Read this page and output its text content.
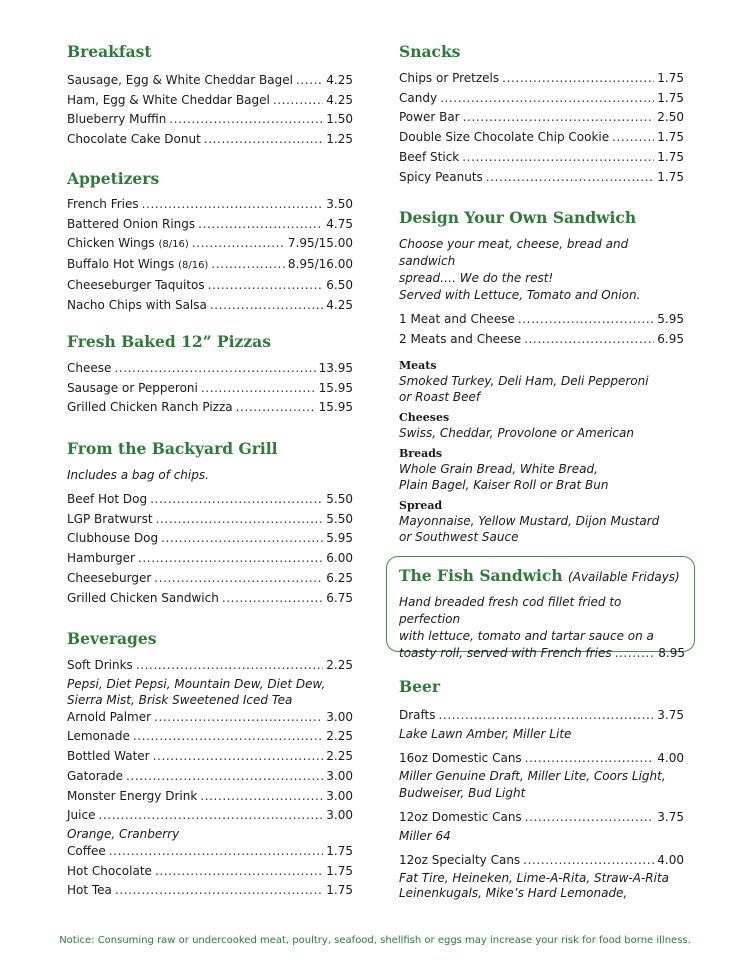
Breakfast
Sausage, Egg & White Cheddar Bagel .....	4.25
Ham, Egg & White Cheddar Bagel .....	4.25
Blueberry Muffin .....	1.50
Chocolate Cake Donut .....	1.25
Appetizers
French Fries .....	3.50
Battered Onion Rings .....	4.75
Chicken Wings (8/16) .....	7.95/15.00
Buffalo Hot Wings (8/16) .....	8.95/16.00
Cheeseburger Taquitos .....	6.50
Nacho Chips with Salsa .....	4.25
Fresh Baked 12” Pizzas
Cheese .....	13.95
Sausage or Pepperoni .....	15.95
Grilled Chicken Ranch Pizza .....	15.95
From the Backyard Grill
Includes a bag of chips.
Beef Hot Dog .....	5.50
LGP Bratwurst .....	5.50
Clubhouse Dog .....	5.95
Hamburger .....	6.00
Cheeseburger .....	6.25
Grilled Chicken Sandwich .....	6.75
Beverages
Soft Drinks .....	2.25
Pepsi, Diet Pepsi, Mountain Dew, Diet Dew,
Sierra Mist, Brisk Sweetened Iced Tea
Arnold Palmer .....	3.00
Lemonade .....	2.25
Bottled Water .....	2.25
Gatorade .....	3.00
Monster Energy Drink .....	3.00
Juice .....	3.00
Orange, Cranberry
Coffee .....	1.75
Hot Chocolate .....	1.75
Hot Tea .....	1.75
Snacks
Chips or Pretzels .....	1.75
Candy .....	1.75
Power Bar .....	2.50
Double Size Chocolate Chip Cookie .....	1.75
Beef Stick .....	1.75
Spicy Peanuts .....	1.75
Design Your Own Sandwich
Choose your meat, cheese, bread and sandwich
spread…. We do the rest!
Served with Lettuce, Tomato and Onion.
1 Meat and Cheese .....	5.95
2 Meats and Cheese .....	6.95
Meats
Smoked Turkey, Deli Ham, Deli Pepperoni
or Roast Beef
Cheeses
Swiss, Cheddar, Provolone or American
Breads
Whole Grain Bread, White Bread,
Plain Bagel, Kaiser Roll or Brat Bun
Spread
Mayonnaise, Yellow Mustard, Dijon Mustard
or Southwest Sauce
Beer
Drafts .....	3.75
Lake Lawn Amber, Miller Lite
16oz Domestic Cans .....	4.00
Miller Genuine Draft, Miller Lite, Coors Light,
Budweiser, Bud Light
12oz Domestic Cans .....	3.75
Miller 64
12oz Specialty Cans .....	4.00
Fat Tire, Heineken, Lime-A-Rita, Straw-A-Rita
Leinenkugals, Mike’s Hard Lemonade,
The Fish Sandwich (Available Fridays)
Hand breaded fresh cod fillet fried to perfection
with lettuce, tomato and tartar sauce on a
toasty roll, served with French fries .....	8.95
Notice: Consuming raw or undercooked meat, poultry, seafood, shellfish or eggs may increase your risk for food borne illness.
